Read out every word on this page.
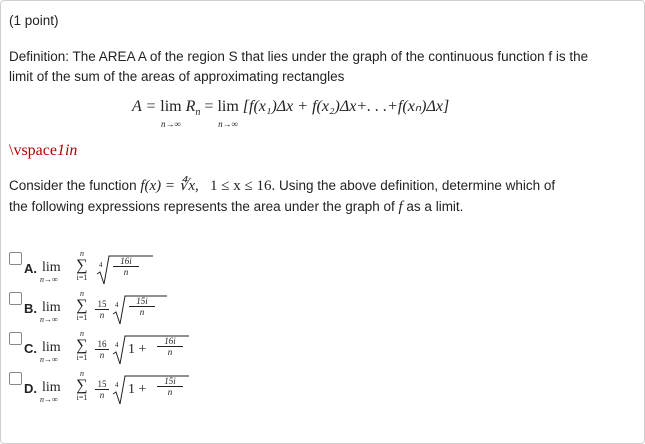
(1 point)
Definition: The AREA A of the region S that lies under the graph of the continuous function f is the
limit of the sum of the areas of approximating rectangles
A = lim
n→∞
$R_n = \lim$
n→∞
[f(x₁)Δx + f(x₂)Δx+. . .+f(xₙ)Δx]
\vspace1in
Consider the function f(x) = ∜x, 1 ≤ x ≤ 16. Using the above definition, determine which of
the following expressions represents the area under the graph of f as a limit.
A. lim
n→∞
n
∑
i=1
$4 \frac{16i}{n}$
B. lim
n→∞
n
∑
$i=1 \frac{15}{n} 4 \frac{15i}{n}$
C. lim
n→∞
n
∑
$i=1 \frac{16}{n} 4$ $1 + \frac{16i}{n}$
D. lim
n→∞
n
∑
$i=1 \frac{15}{n} 4$ $1 + \frac{15i}{n}$
